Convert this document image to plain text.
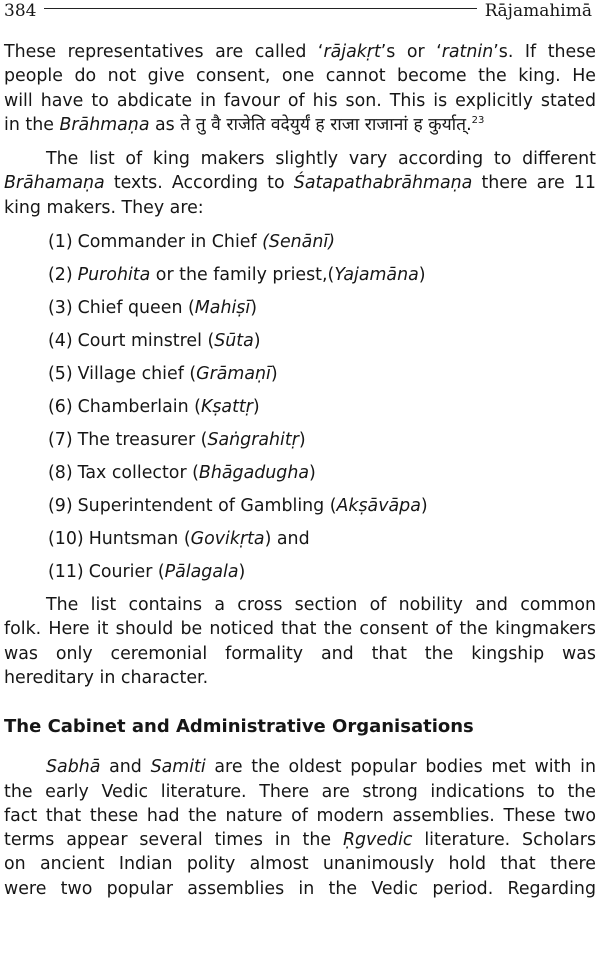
384	Rājamahimā

These representatives are called ‘rājakṛt’s or ‘ratnin’s. If these

people do not give consent, one cannot become the king. He

will have to abdicate in favour of his son. This is explicitly stated

in the Brāhmaṇa as ते तु वै राजेति वदेयुर्यं ह राजा राजानां ह कुर्यात्.$^{23}$

The list of king makers slightly vary according to different

Brāhamaṇa texts. According to Śatapathabrāhmaṇa there are 11

king makers. They are:

(1) Commander in Chief (Senānī)
(2) Purohita or the family priest,(Yajamāna)
(3) Chief queen (Mahiṣī)
(4) Court minstrel (Sūta)
(5) Village chief (Grāmaṇī)
(6) Chamberlain (Kṣattṛ)
(7) The treasurer (Saṅgrahitṛ)
(8) Tax collector (Bhāgadugha)
(9) Superintendent of Gambling (Akṣāvāpa)
(10) Huntsman (Govikṛta) and
(11) Courier (Pālagala)

The list contains a cross section of nobility and common

folk. Here it should be noticed that the consent of the kingmakers

was only ceremonial formality and that the kingship was

hereditary in character.

The Cabinet and Administrative Organisations

Sabhā and Samiti are the oldest popular bodies met with in

the early Vedic literature. There are strong indications to the

fact that these had the nature of modern assemblies. These two

terms appear several times in the Ṛgvedic literature. Scholars

on ancient Indian polity almost unanimously hold that there

were two popular assemblies in the Vedic period. Regarding
